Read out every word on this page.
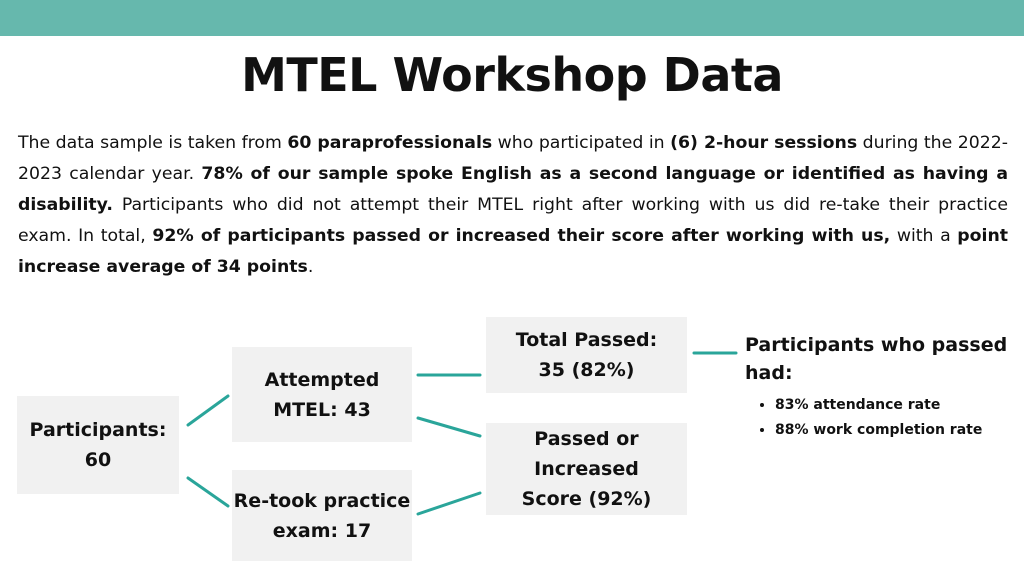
MTEL Workshop Data

The data sample is taken from 60 paraprofessionals who participated in (6) 2-hour sessions during the 2022-2023 calendar year. 78% of our sample spoke English as a second language or identified as having a disability. Participants who did not attempt their MTEL right after working with us did re-take their practice exam. In total, 92% of participants passed or increased their score after working with us, with a point increase average of 34 points.

Participants:
60
Attempted
MTEL: 43
Re-took practice
exam: 17
Total Passed:
35 (82%)
Passed or
Increased
Score (92%)
Participants who passed had:
• 83% attendance rate
• 88% work completion rate
